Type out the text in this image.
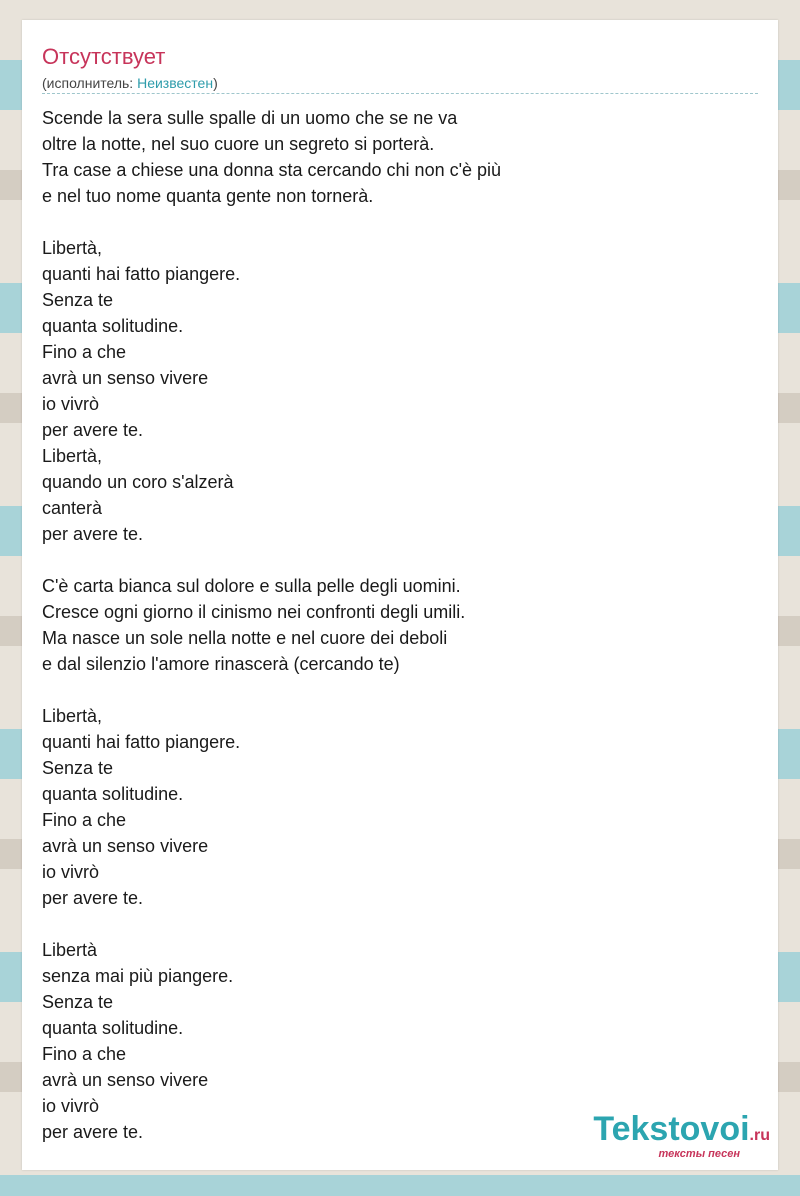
Отсутствует
(исполнитель: Неизвестен)
Scende la sera sulle spalle di un uomo che se ne va
oltre la notte, nel suo cuore un segreto si porterà.
Tra case a chiese una donna sta cercando chi non c'è più
e nel tuo nome quanta gente non tornerà.
Libertà,
quanti hai fatto piangere.
Senza te
quanta solitudine.
Fino a che
avrà un senso vivere
io vivrò
per avere te.
Libertà,
quando un coro s'alzerà
canterà
per avere te.
C'è carta bianca sul dolore e sulla pelle degli uomini.
Cresce ogni giorno il cinismo nei confronti degli umili.
Ma nasce un sole nella notte e nel cuore dei deboli
e dal silenzio l'amore rinascerà (cercando te)
Libertà,
quanti hai fatto piangere.
Senza te
quanta solitudine.
Fino a che
avrà un senso vivere
io vivrò
per avere te.
Libertà
senza mai più piangere.
Senza te
quanta solitudine.
Fino a che
avrà un senso vivere
io vivrò
per avere te.	Tekstovoi.ru
тексты песен
